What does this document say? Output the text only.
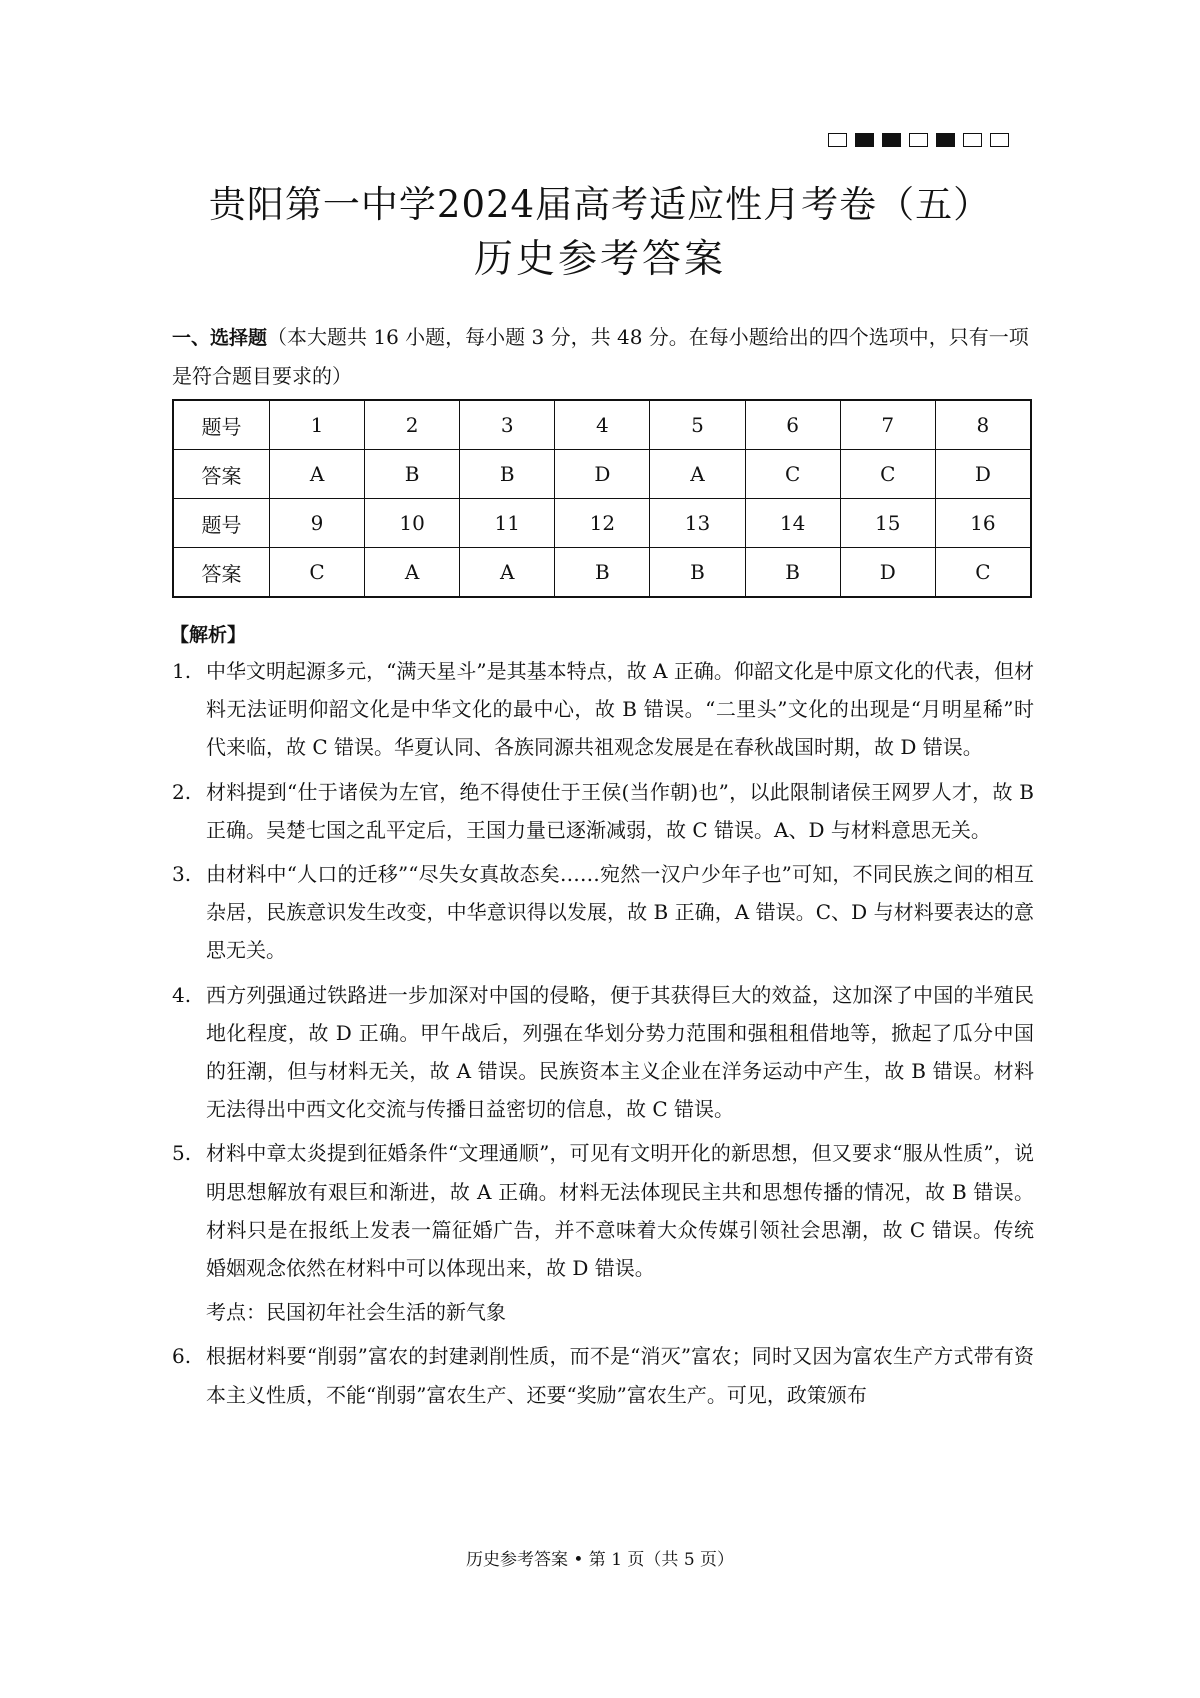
贵阳第一中学2024届高考适应性月考卷（五）
历史参考答案
一、选择题（本大题共 16 小题，每小题 3 分，共 48 分。在每小题给出的四个选项中，只有一项是符合题目要求的）
题号	1	2	3	4	5	6	7	8
答案	A	B	B	D	A	C	C	D
题号	9	10	11	12	13	14	15	16
答案	C	A	A	B	B	B	D	C
【解析】
1. 中华文明起源多元，“满天星斗”是其基本特点，故 A 正确。仰韶文化是中原文化的代表，但材料无法证明仰韶文化是中华文化的最中心，故 B 错误。“二里头”文化的出现是“月明星稀”时代来临，故 C 错误。华夏认同、各族同源共祖观念发展是在春秋战国时期，故 D 错误。
2. 材料提到“仕于诸侯为左官，绝不得使仕于王侯(当作朝)也”，以此限制诸侯王网罗人才，故 B 正确。吴楚七国之乱平定后，王国力量已逐渐减弱，故 C 错误。A、D 与材料意思无关。
3. 由材料中“人口的迁移”“尽失女真故态矣……宛然一汉户少年子也”可知，不同民族之间的相互杂居，民族意识发生改变，中华意识得以发展，故 B 正确，A 错误。C、D 与材料要表达的意思无关。
4. 西方列强通过铁路进一步加深对中国的侵略，便于其获得巨大的效益，这加深了中国的半殖民地化程度，故 D 正确。甲午战后，列强在华划分势力范围和强租租借地等，掀起了瓜分中国的狂潮，但与材料无关，故 A 错误。民族资本主义企业在洋务运动中产生，故 B 错误。材料无法得出中西文化交流与传播日益密切的信息，故 C 错误。
5. 材料中章太炎提到征婚条件“文理通顺”，可见有文明开化的新思想，但又要求“服从性质”，说明思想解放有艰巨和渐进，故 A 正确。材料无法体现民主共和思想传播的情况，故 B 错误。材料只是在报纸上发表一篇征婚广告，并不意味着大众传媒引领社会思潮，故 C 错误。传统婚姻观念依然在材料中可以体现出来，故 D 错误。
考点：民国初年社会生活的新气象
6. 根据材料要“削弱”富农的封建剥削性质，而不是“消灭”富农；同时又因为富农生产方式带有资本主义性质，不能“削弱”富农生产、还要“奖励”富农生产。可见，政策颁布
历史参考答案 • 第 1 页（共 5 页）
